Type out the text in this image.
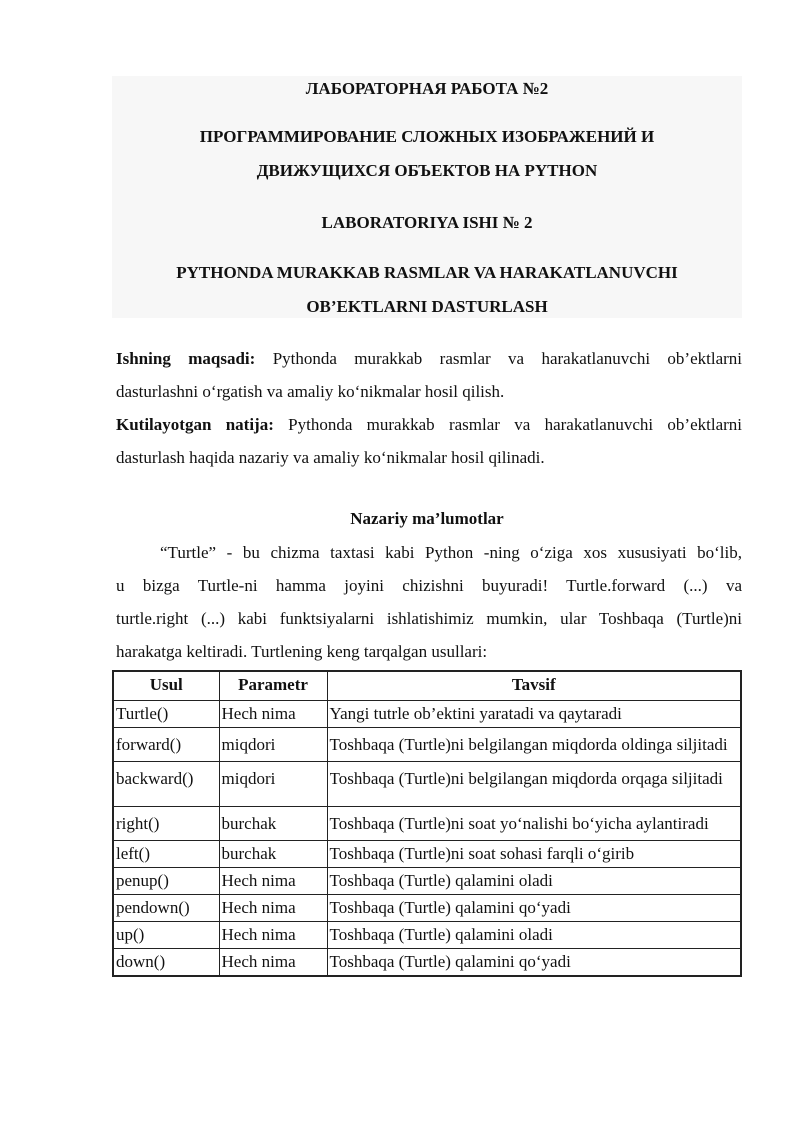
ЛАБОРАТОРНАЯ РАБОТА №2
ПРОГРАММИРОВАНИЕ СЛОЖНЫХ ИЗОБРАЖЕНИЙ И
ДВИЖУЩИХСЯ ОБЪЕКТОВ НА PYTHON
LABORATORIYA ISHI № 2
PYTHONDA MURAKKAB RASMLAR VA HARAKATLANUVCHI
OB’EKTLARNI DASTURLASH
Ishning maqsadi: Pythonda murakkab rasmlar va harakatlanuvchi ob’ektlarni
dasturlashni o‘rgatish va amaliy ko‘nikmalar hosil qilish.
Kutilayotgan natija: Pythonda murakkab rasmlar va harakatlanuvchi ob’ektlarni
dasturlash haqida nazariy va amaliy ko‘nikmalar hosil qilinadi.
Nazariy ma’lumotlar
“Turtle” - bu chizma taxtasi kabi Python -ning o‘ziga xos xususiyati bo‘lib,
u bizga Turtle-ni hamma joyini chizishni buyuradi! Turtle.forward (...) va
turtle.right (...) kabi funktsiyalarni ishlatishimiz mumkin, ular Toshbaqa (Turtle)ni
harakatga keltiradi. Turtlening keng tarqalgan usullari:
Usul	Parametr	Tavsif
Turtle()	Hech nima	Yangi tutrle ob’ektini yaratadi va qaytaradi
forward()	miqdori	Toshbaqa (Turtle)ni belgilangan miqdorda oldinga siljitadi
backward()	miqdori	Toshbaqa (Turtle)ni belgilangan miqdorda orqaga siljitadi

right()	burchak	Toshbaqa (Turtle)ni soat yo‘nalishi bo‘yicha aylantiradi
left()	burchak	Toshbaqa (Turtle)ni soat sohasi farqli o‘girib
penup()	Hech nima	Toshbaqa (Turtle) qalamini oladi
pendown()	Hech nima	Toshbaqa (Turtle) qalamini qo‘yadi
up()	Hech nima	Toshbaqa (Turtle) qalamini oladi
down()	Hech nima	Toshbaqa (Turtle) qalamini qo‘yadi
